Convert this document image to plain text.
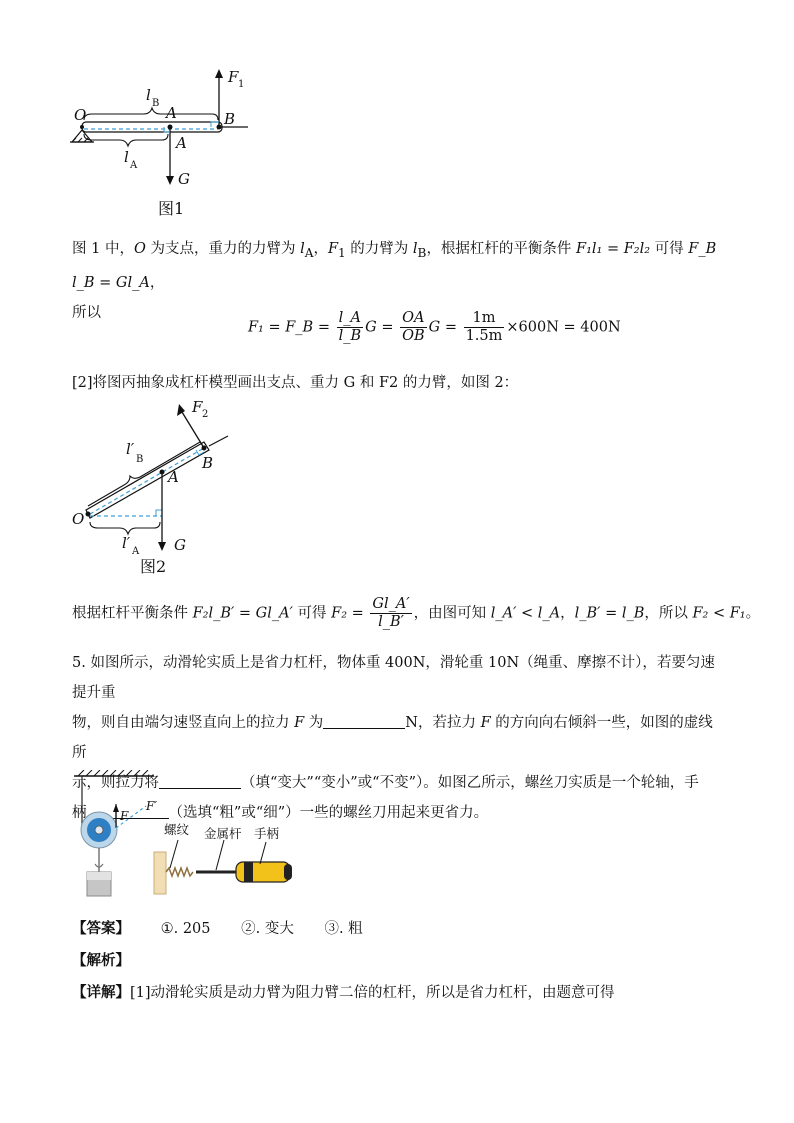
O	A
A
B
G
F 1
l B
l A
图1
图 1 中，O 为支点，重力的力臂为 $l_A$，$F_1$ 的力臂为 $l_B$，根据杠杆的平衡条件 F₁l₁ = F₂l₂ 可得 F_B l_B = Gl_A，
所以
F₁ = F_B = $\frac{l\_A}{l\_B}$ $G = \frac{OA}{OB}$ $G = \frac{1m}{1.5m} \times 600N = 400N$
[2]将图丙抽象成杠杆模型画出支点、重力 G 和 F2 的力臂，如图 2：
O
A
B
G
F 2
l′
B
l′ A
图2
根据杠杆平衡条件 F₂l_B′ = Gl_A′ 可得 $F_2 = \frac{Gl\_A'}{l\_B'}$ ，由图可知 l_A′ < l_A，l_B′ = l_B，所以 F₂ < F₁。
5. 如图所示，动滑轮实质上是省力杠杆，物体重 400N，滑轮重 10N（绳重、摩擦不计），若要匀速提升重
物，则自由端匀速竖直向上的拉力 F 为	N，若拉力 F 的方向向右倾斜一些，如图的虚线所
示，则拉力将	（填“变大”“变小”或“不变”）。如图乙所示，螺丝刀实质是一个轮轴，手
柄	（选填“粗”或“细”）一些的螺丝刀用起来更省力。
F
F′
螺纹 金属杆 手柄
【答案】 ①. 205 ②. 变大 ③. 粗
【解析】
【详解】[1]动滑轮实质是动力臂为阻力臂二倍的杠杆，所以是省力杠杆，由题意可得
